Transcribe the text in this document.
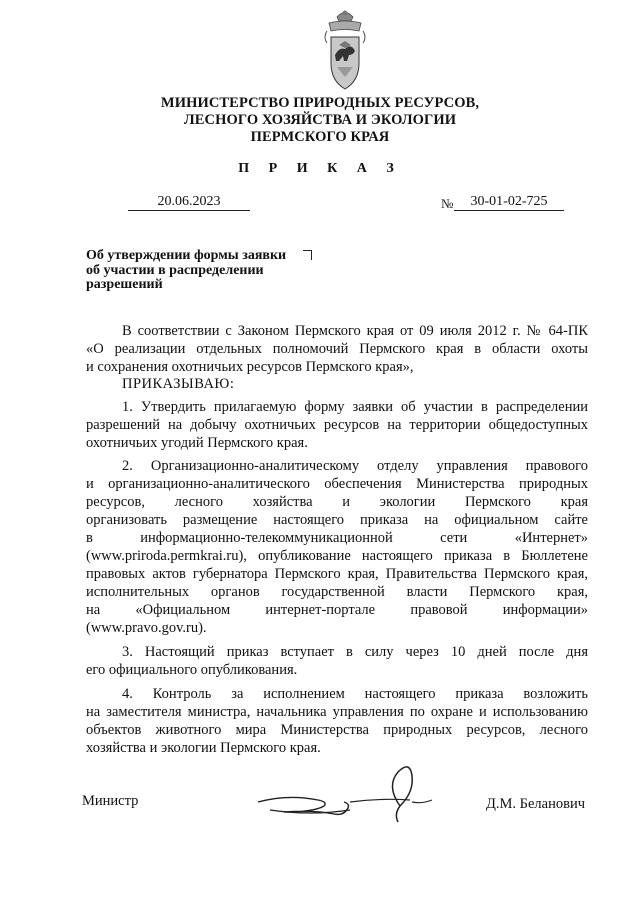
МИНИСТЕРСТВО ПРИРОДНЫХ РЕСУРСОВ,
ЛЕСНОГО ХОЗЯЙСТВА И ЭКОЛОГИИ
ПЕРМСКОГО КРАЯ
П Р И К А З
20.06.2023	№	30-01-02-725
Об утверждении формы заявки
об участии в распределении
разрешений
В соответствии с Законом Пермского края от 09 июля 2012 г. № 64-ПК
«О реализации отдельных полномочий Пермского края в области охоты
и сохранения охотничьих ресурсов Пермского края»,
ПРИКАЗЫВАЮ:
1. Утвердить прилагаемую форму заявки об участии в распределении
разрешений на добычу охотничьих ресурсов на территории общедоступных
охотничьих угодий Пермского края.
2. Организационно-аналитическому отделу управления правового
и организационно-аналитического обеспечения Министерства природных
ресурсов, лесного хозяйства и экологии Пермского края
организовать размещение настоящего приказа на официальном сайте
в информационно-телекоммуникационной сети «Интернет»
(www.priroda.permkrai.ru), опубликование настоящего приказа в Бюллетене
правовых актов губернатора Пермского края, Правительства Пермского края,
исполнительных органов государственной власти Пермского края,
на «Официальном интернет-портале правовой информации»
(www.pravo.gov.ru).
3. Настоящий приказ вступает в силу через 10 дней после дня
его официального опубликования.
4. Контроль за исполнением настоящего приказа возложить
на заместителя министра, начальника управления по охране и использованию
объектов животного мира Министерства природных ресурсов, лесного
хозяйства и экологии Пермского края.
Министр	Д.М. Беланович
